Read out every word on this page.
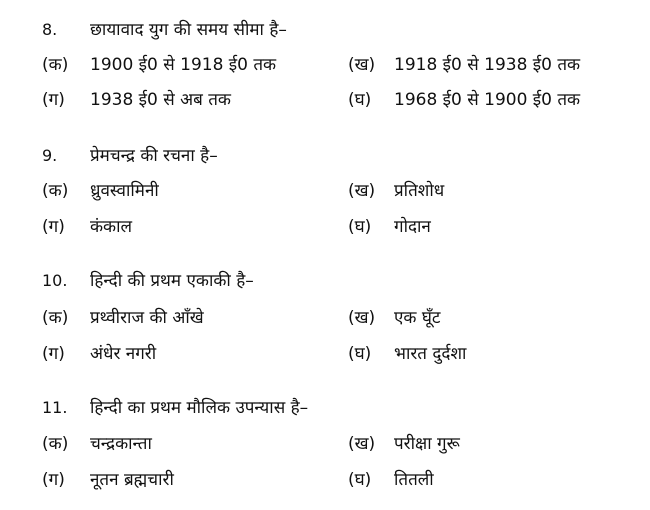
8. छायावाद युग की समय सीमा है–
(क) 1900 ई0 से 1918 ई0 तक	(ख) 1918 ई0 से 1938 ई0 तक
(ग) 1938 ई0 से अब तक	(घ) 1968 ई0 से 1900 ई0 तक
9. प्रेमचन्द्र की रचना है–
(क) ध्रुवस्वामिनी	(ख) प्रतिशोध
(ग) कंकाल	(घ) गोदान
10. हिन्दी की प्रथम एकाकी है–
(क) प्रथ्वीराज की आँखे	(ख) एक घूँट
(ग) अंधेर नगरी	(घ) भारत दुर्दशा
11. हिन्दी का प्रथम मौलिक उपन्यास है–
(क) चन्द्रकान्ता	(ख) परीक्षा गुरू
(ग) नूतन ब्रह्मचारी	(घ) तितली
